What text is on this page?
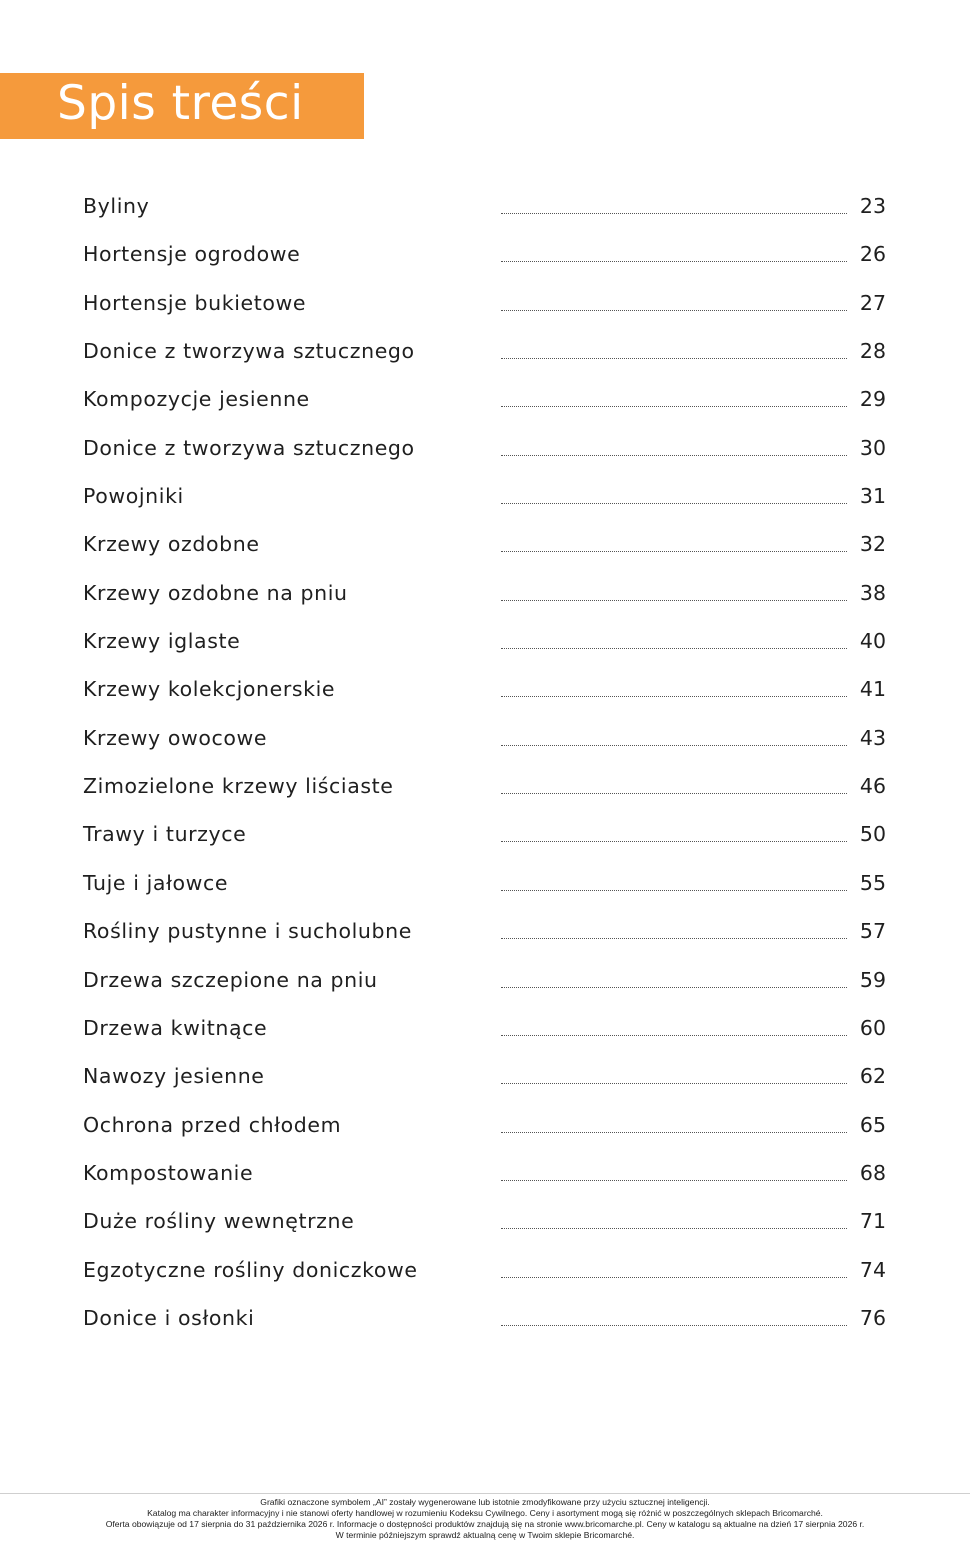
Spis treści
Byliny	23
Hortensje ogrodowe	26
Hortensje bukietowe	27
Donice z tworzywa sztucznego	28
Kompozycje jesienne	29
Donice z tworzywa sztucznego	30
Powojniki	31
Krzewy ozdobne	32
Krzewy ozdobne na pniu	38
Krzewy iglaste	40
Krzewy kolekcjonerskie	41
Krzewy owocowe	43
Zimozielone krzewy liściaste	46
Trawy i turzyce	50
Tuje i jałowce	55
Rośliny pustynne i sucholubne	57
Drzewa szczepione na pniu	59
Drzewa kwitnące	60
Nawozy jesienne	62
Ochrona przed chłodem	65
Kompostowanie	68
Duże rośliny wewnętrzne	71
Egzotyczne rośliny doniczkowe	74
Donice i osłonki	76
Grafiki oznaczone symbolem „AI” zostały wygenerowane lub istotnie zmodyfikowane przy użyciu sztucznej inteligencji.
Katalog ma charakter informacyjny i nie stanowi oferty handlowej w rozumieniu Kodeksu Cywilnego. Ceny i asortyment mogą się różnić w poszczególnych sklepach Bricomarché.
Oferta obowiązuje od 17 sierpnia do 31 października 2026 r. Informacje o dostępności produktów znajdują się na stronie www.bricomarche.pl. Ceny w katalogu są aktualne na dzień 17 sierpnia 2026 r.
W terminie późniejszym sprawdź aktualną cenę w Twoim sklepie Bricomarché.
